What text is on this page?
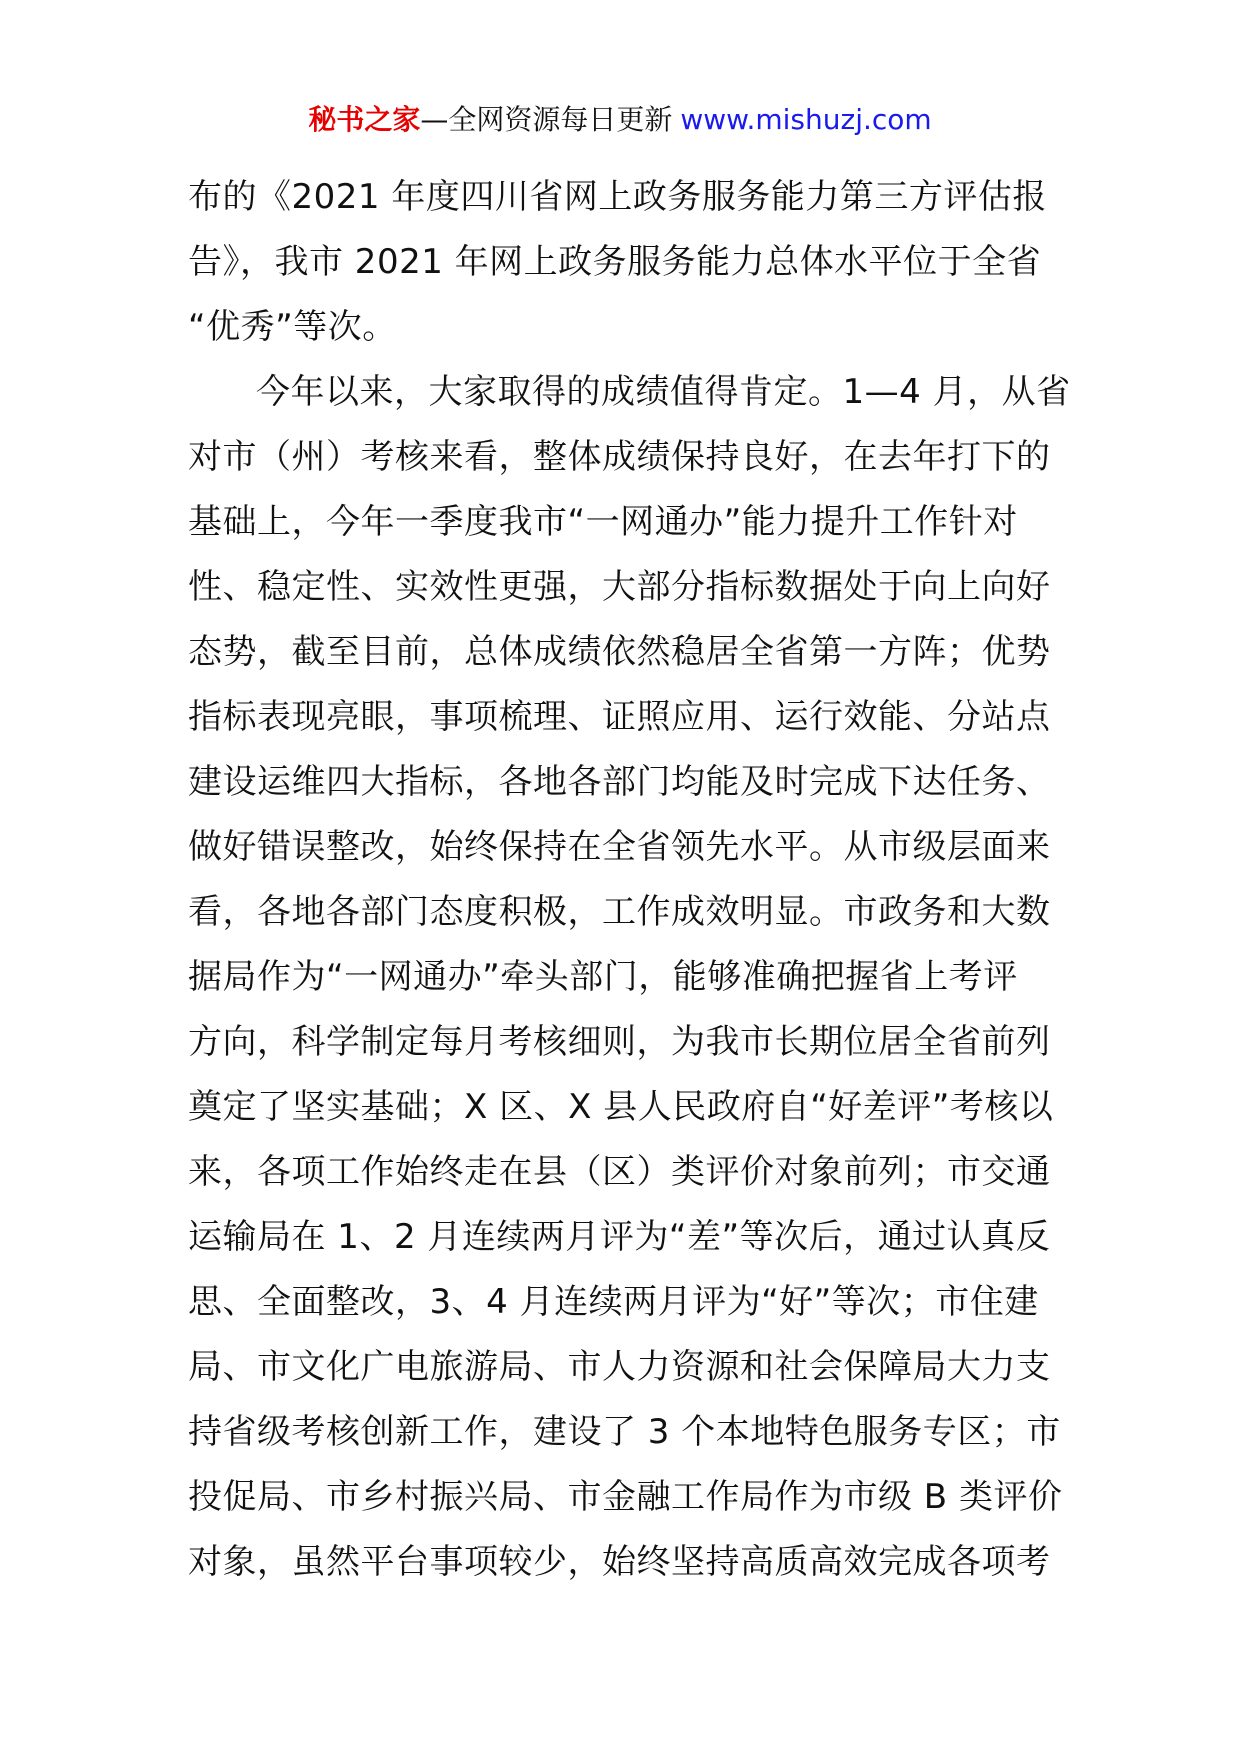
秘书之家—全网资源每日更新 www.mishuzj.com
布的《2021 年度四川省网上政务服务能力第三方评估报
告》，我市 2021 年网上政务服务能力总体水平位于全省
“优秀”等次。
今年以来，大家取得的成绩值得肯定。1—4 月，从省
对市（州）考核来看，整体成绩保持良好，在去年打下的
基础上，今年一季度我市“一网通办”能力提升工作针对
性、稳定性、实效性更强，大部分指标数据处于向上向好
态势，截至目前，总体成绩依然稳居全省第一方阵；优势
指标表现亮眼，事项梳理、证照应用、运行效能、分站点
建设运维四大指标，各地各部门均能及时完成下达任务、
做好错误整改，始终保持在全省领先水平。从市级层面来
看，各地各部门态度积极，工作成效明显。市政务和大数
据局作为“一网通办”牵头部门，能够准确把握省上考评
方向，科学制定每月考核细则，为我市长期位居全省前列
奠定了坚实基础；X 区、X 县人民政府自“好差评”考核以
来，各项工作始终走在县（区）类评价对象前列；市交通
运输局在 1、2 月连续两月评为“差”等次后，通过认真反
思、全面整改，3、4 月连续两月评为“好”等次；市住建
局、市文化广电旅游局、市人力资源和社会保障局大力支
持省级考核创新工作，建设了 3 个本地特色服务专区；市
投促局、市乡村振兴局、市金融工作局作为市级 B 类评价
对象，虽然平台事项较少，始终坚持高质高效完成各项考
